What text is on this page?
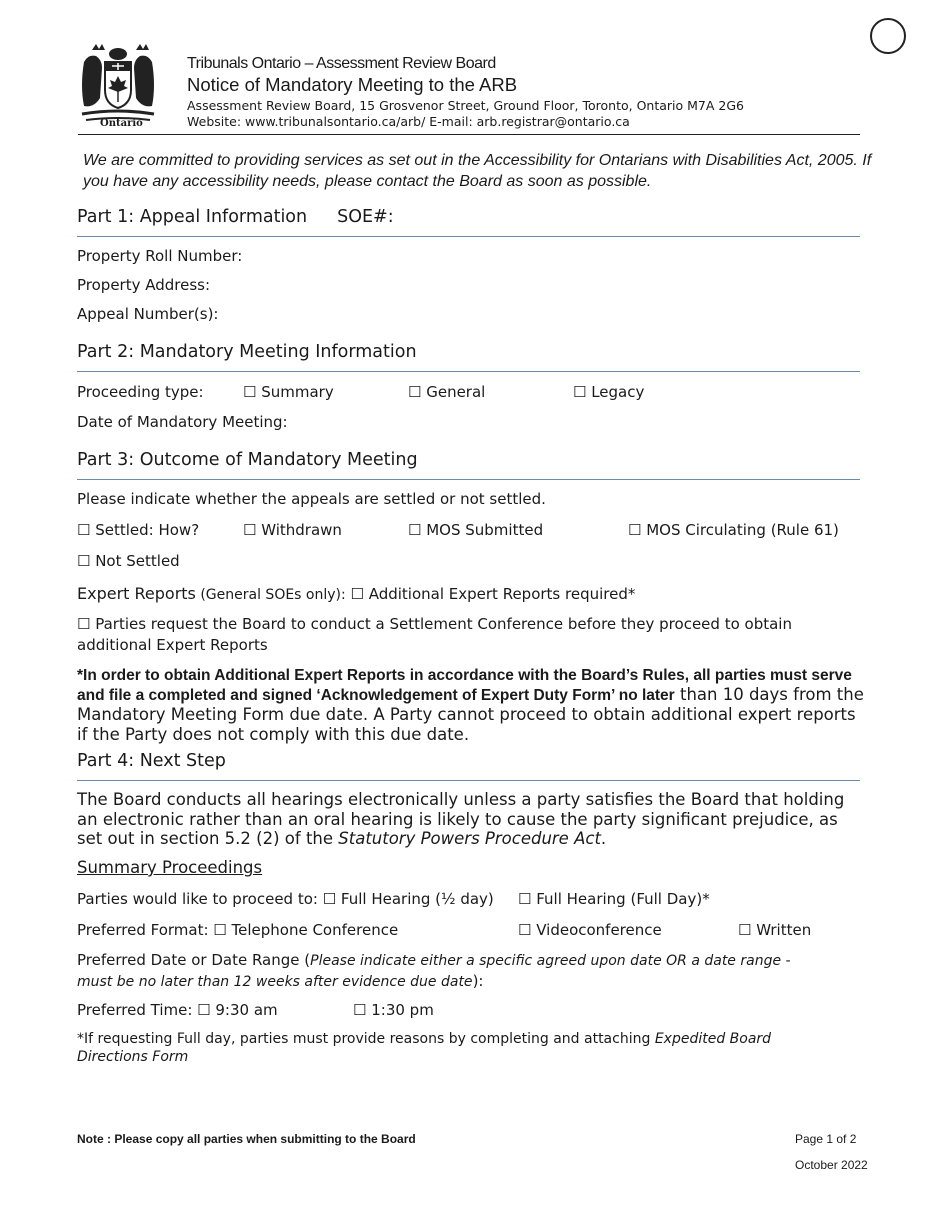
Ontario
Tribunals Ontario – Assessment Review Board
Notice of Mandatory Meeting to the ARB
Assessment Review Board, 15 Grosvenor Street, Ground Floor, Toronto, Ontario M7A 2G6
Website: www.tribunalsontario.ca/arb/ E-mail: arb.registrar@ontario.ca
We are committed to providing services as set out in the Accessibility for Ontarians with Disabilities Act, 2005. If you have any accessibility needs, please contact the Board as soon as possible.
Part 1: Appeal Information SOE#:
Property Roll Number:
Property Address:
Appeal Number(s):
Part 2: Mandatory Meeting Information
Proceeding type:	☐ Summary	☐ General	☐ Legacy
Date of Mandatory Meeting:
Part 3: Outcome of Mandatory Meeting
Please indicate whether the appeals are settled or not settled.
☐ Settled: How?	☐ Withdrawn	☐ MOS Submitted	☐ MOS Circulating (Rule 61)
☐ Not Settled
Expert Reports (General SOEs only): ☐ Additional Expert Reports required*
☐ Parties request the Board to conduct a Settlement Conference before they proceed to obtain
additional Expert Reports
*In order to obtain Additional Expert Reports in accordance with the Board’s Rules, all parties must serve and file a completed and signed ‘Acknowledgement of Expert Duty Form’ no later than 10 days from the Mandatory Meeting Form due date. A Party cannot proceed to obtain additional expert reports if the Party does not comply with this due date.
Part 4: Next Step
The Board conducts all hearings electronically unless a party satisfies the Board that holding an electronic rather than an oral hearing is likely to cause the party significant prejudice, as set out in section 5.2 (2) of the Statutory Powers Procedure Act.
Summary Proceedings
Parties would like to proceed to: ☐ Full Hearing (½ day) ☐ Full Hearing (Full Day)*
Preferred Format: ☐ Telephone Conference	☐ Videoconference	☐ Written
Preferred Date or Date Range (Please indicate either a specific agreed upon date OR a date range -
must be no later than 12 weeks after evidence due date):
Preferred Time: ☐ 9:30 am	☐ 1:30 pm
*If requesting Full day, parties must provide reasons by completing and attaching Expedited Board
Directions Form
Note : Please copy all parties when submitting to the Board	Page 1 of 2
October 2022
